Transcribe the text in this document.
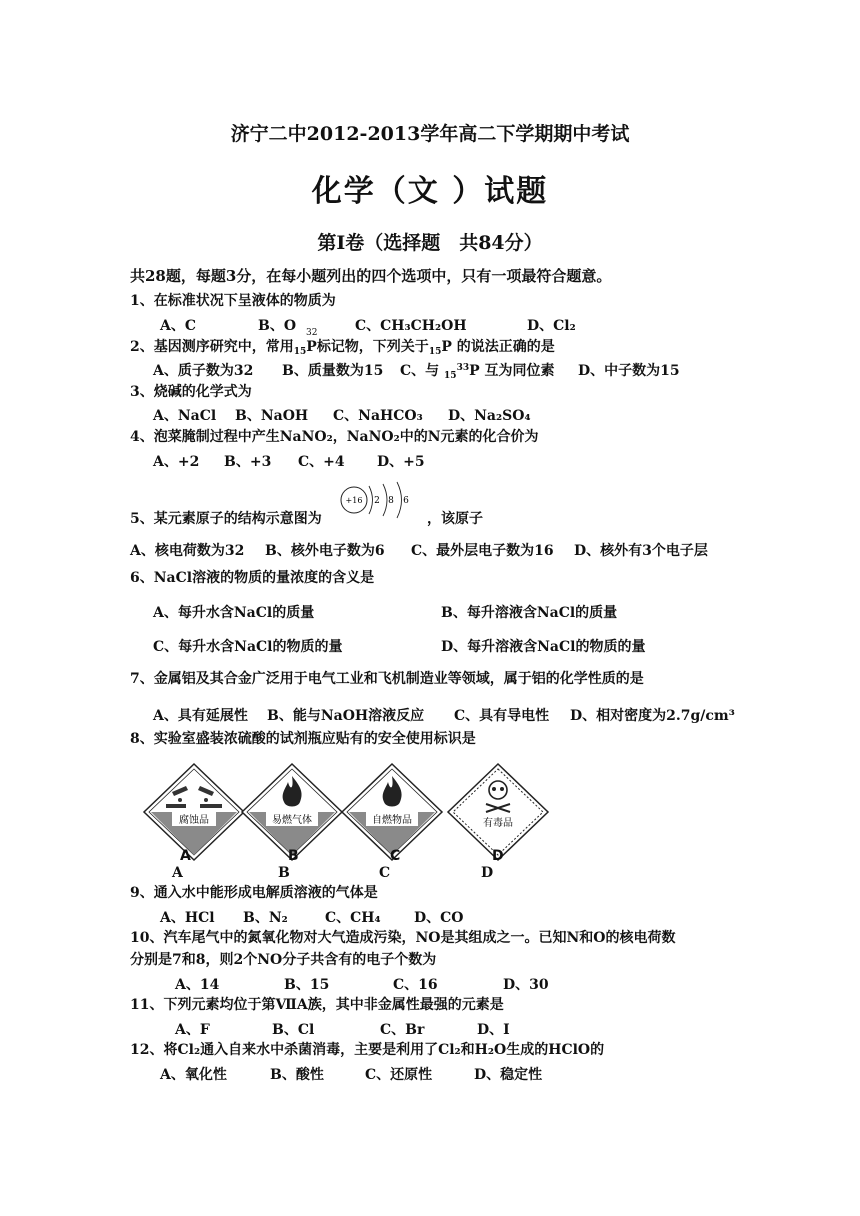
济宁二中2012-2013学年高二下学期期中考试
化学（文 ）试题
第Ⅰ卷（选择题　共84分）
共28题，每题3分，在每小题列出的四个选项中，只有一项最符合题意。
1、在标准状况下呈液体的物质为
A、C	B、O	C、CH₃CH₂OH	D、Cl₂
32
2、基因测序研究中，常用$_{15}$P标记物，下列关于$_{15}$P 的说法正确的是
A、质子数为32 B、质量数为15 C、与 $_{15}^{33}$P 互为同位素 D、中子数为15
3、烧碱的化学式为
A、NaCl B、NaOH C、NaHCO₃ D、Na₂SO₄
4、泡菜腌制过程中产生NaNO₂，NaNO₂中的N元素的化合价为
A、+2 B、+3 C、+4 D、+5
5、某元素原子的结构示意图为
+16 2 8 6
，该原子
A、核电荷数为32 B、核外电子数为6 C、最外层电子数为16 D、核外有3个电子层
6、NaCl溶液的物质的量浓度的含义是
A、每升水含NaCl的质量	B、每升溶液含NaCl的质量
C、每升水含NaCl的物质的量	D、每升溶液含NaCl的物质的量
7、金属铝及其合金广泛用于电气工业和飞机制造业等领域，属于铝的化学性质的是
A、具有延展性 B、能与NaOH溶液反应 C、具有导电性 D、相对密度为2.7g/cm³
8、实验室盛装浓硫酸的试剂瓶应贴有的安全使用标识是
腐蚀品	易燃气体	自燃物品	有毒品
A	B	C	D
A	B	C	D
9、通入水中能形成电解质溶液的气体是
A、HCl B、N₂	C、CH₄ D、CO
10、汽车尾气中的氮氧化物对大气造成污染，NO是其组成之一。已知N和O的核电荷数
分别是7和8，则2个NO分子共含有的电子个数为
A、14	B、15	C、16	D、30
11、下列元素均位于第ⅦA族，其中非金属性最强的元素是
A、F	B、Cl	C、Br	D、I
12、将Cl₂通入自来水中杀菌消毒，主要是利用了Cl₂和H₂O生成的HClO的
A、氧化性	B、酸性	C、还原性	D、稳定性
